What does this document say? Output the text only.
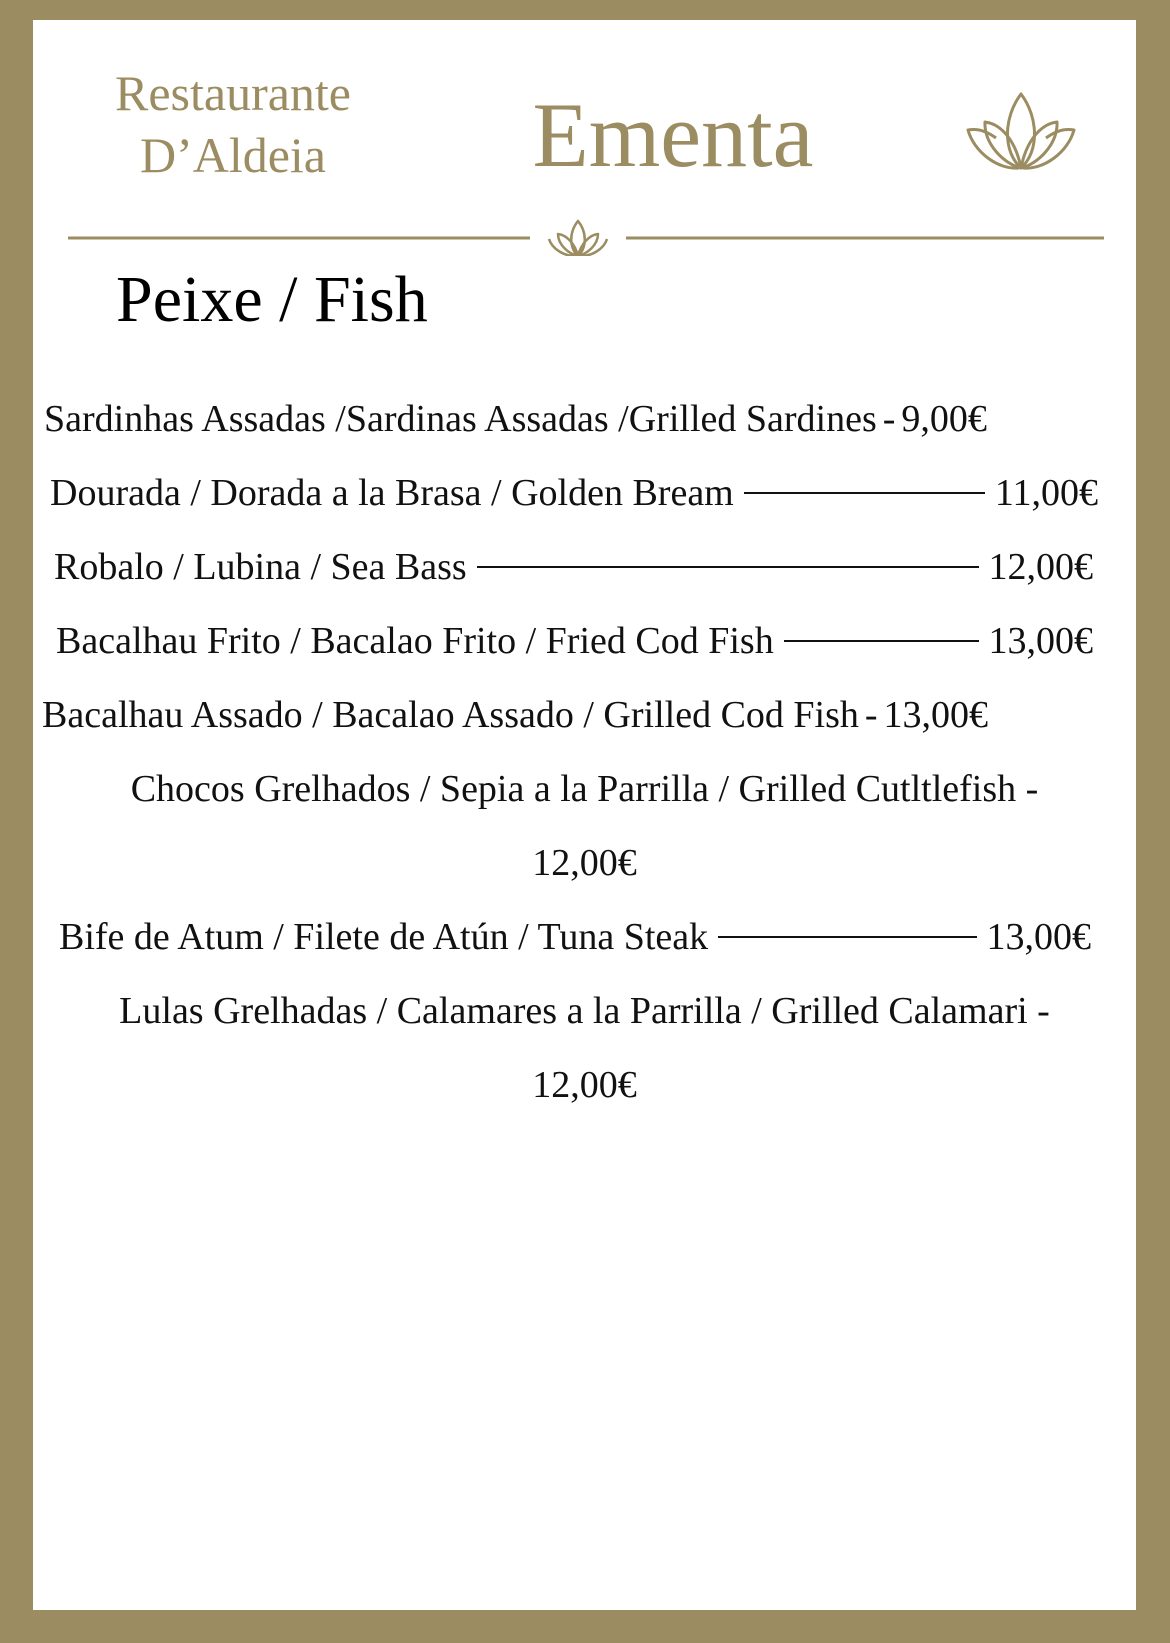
Restaurante
D’Aldeia	Ementa
Peixe / Fish
Sardinhas Assadas /Sardinas Assadas /Grilled Sardines - 9,00€
Dourada / Dorada a la Brasa / Golden Bream	11,00€
Robalo / Lubina / Sea Bass	12,00€
Bacalhau Frito / Bacalao Frito / Fried Cod Fish	13,00€
Bacalhau Assado / Bacalao Assado / Grilled Cod Fish - 13,00€
Chocos Grelhados / Sepia a la Parrilla / Grilled Cutltlefish -
12,00€
Bife de Atum / Filete de Atún / Tuna Steak	13,00€
Lulas Grelhadas / Calamares a la Parrilla / Grilled Calamari -
12,00€
